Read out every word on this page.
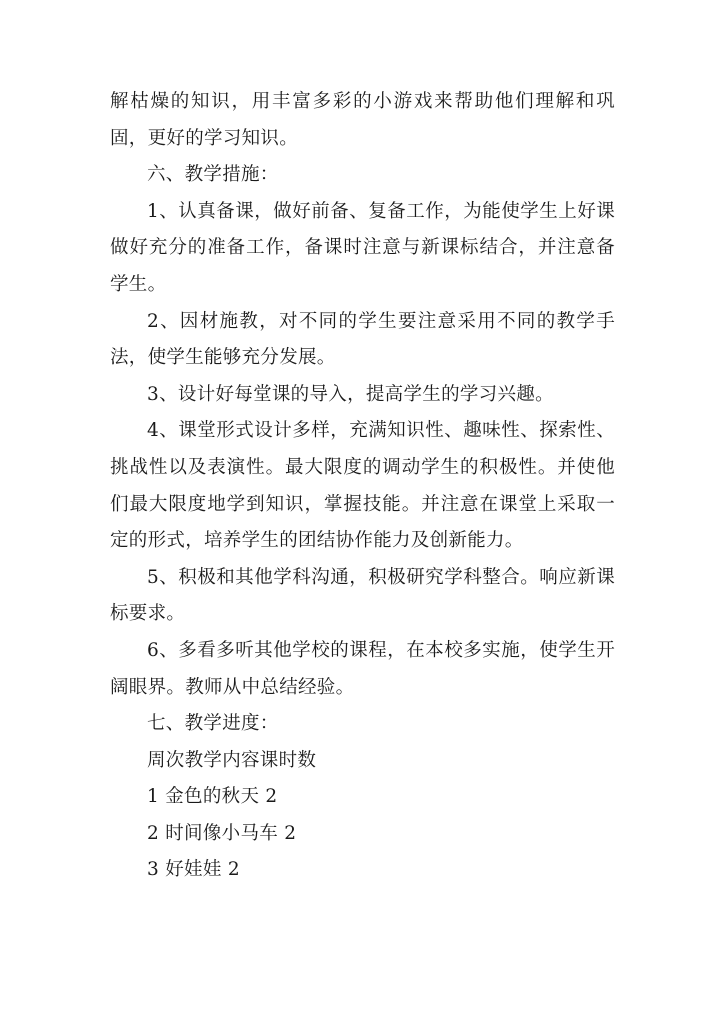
解枯燥的知识，用丰富多彩的小游戏来帮助他们理解和巩固，更好的学习知识。

六、教学措施：

1、认真备课，做好前备、复备工作，为能使学生上好课做好充分的准备工作，备课时注意与新课标结合，并注意备学生。

2、因材施教，对不同的学生要注意采用不同的教学手法，使学生能够充分发展。

3、设计好每堂课的导入，提高学生的学习兴趣。

4、课堂形式设计多样，充满知识性、趣味性、探索性、挑战性以及表演性。最大限度的调动学生的积极性。并使他们最大限度地学到知识，掌握技能。并注意在课堂上采取一定的形式，培养学生的团结协作能力及创新能力。

5、积极和其他学科沟通，积极研究学科整合。响应新课标要求。

6、多看多听其他学校的课程，在本校多实施，使学生开阔眼界。教师从中总结经验。

七、教学进度：

周次教学内容课时数

1 金色的秋天 2

2 时间像小马车 2

3 好娃娃 2
